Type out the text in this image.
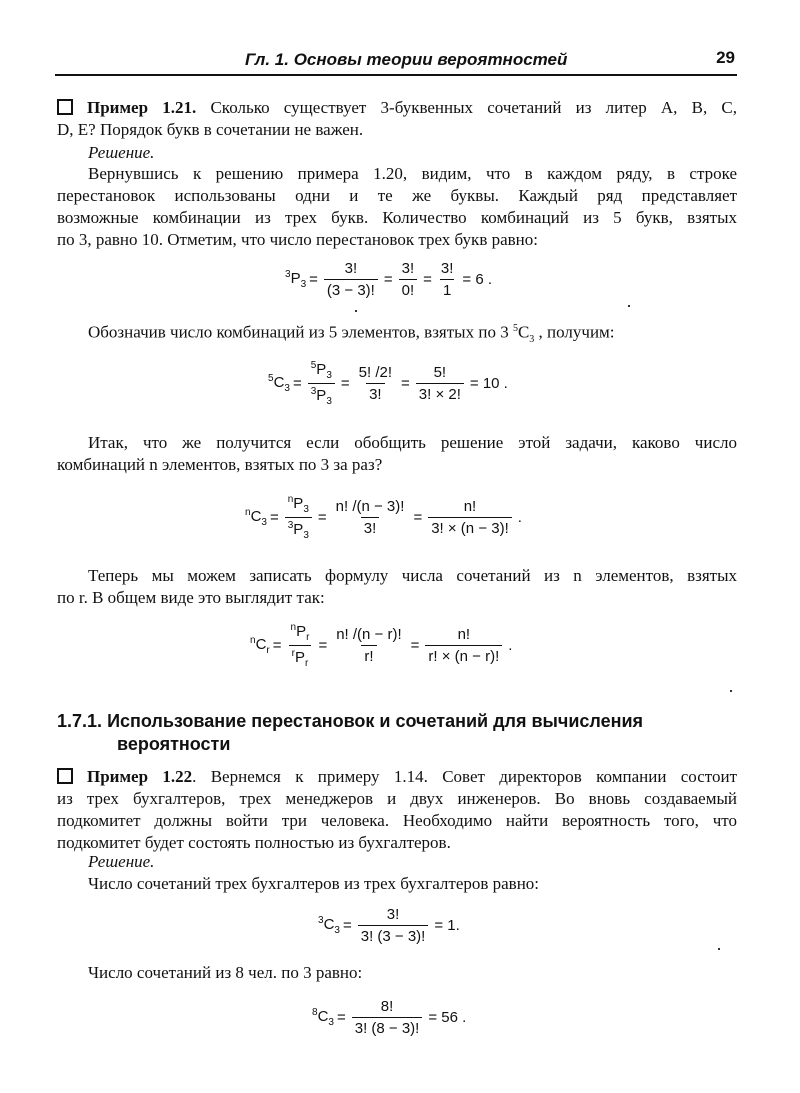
Гл. 1. Основы теории вероятностей	29
Пример 1.21. Сколько существует 3-буквенных сочетаний из литер A, B, C,
D, E? Порядок букв в сочетании не важен.
Решение.
Вернувшись к решению примера 1.20, видим, что в каждом ряду, в строке
перестановок использованы одни и те же буквы. Каждый ряд представляет
возможные комбинации из трех букв. Количество комбинаций из 5 букв, взятых
по 3, равно 10. Отметим, что число перестановок трех букв равно:
$^3P_3 = \frac{3!}{(3 - 3)!} = \frac{3!}{0!} = \frac{3!}{1} = 6$ .
Обозначив число комбинаций из 5 элементов, взятых по 3 $^5C_3$ , получим:
$^5C_3 = \frac{^5P_3}{^3P_3} = \frac{5! /2!}{3!} = \frac{5!}{3! \times 2!} = 10$ .
Итак, что же получится если обобщить решение этой задачи, каково число
комбинаций n элементов, взятых по 3 за раз?
$^nC_3 = \frac{^nP_3}{^3P_3} = \frac{n! /(n - 3)!}{3!} = \frac{n!}{3! \times (n - 3)!}$ .
Теперь мы можем записать формулу числа сочетаний из n элементов, взятых
по r. В общем виде это выглядит так:
$^nC_r = \frac{^nP_r}{^rP_r} = \frac{n! /(n - r)!}{r!} = \frac{n!}{r! \times (n - r)!}$ .
1.7.1. Использование перестановок и сочетаний для вычисления
вероятности
Пример 1.22. Вернемся к примеру 1.14. Совет директоров компании состоит
из трех бухгалтеров, трех менеджеров и двух инженеров. Во вновь создаваемый
подкомитет должны войти три человека. Необходимо найти вероятность того, что
подкомитет будет состоять полностью из бухгалтеров.
Решение.
Число сочетаний трех бухгалтеров из трех бухгалтеров равно:
$^3C_3 = \frac{3!}{3! (3 - 3)!} = 1$.
Число сочетаний из 8 чел. по 3 равно:
$^8C_3 = \frac{8!}{3! (8 - 3)!} = 56$ .
